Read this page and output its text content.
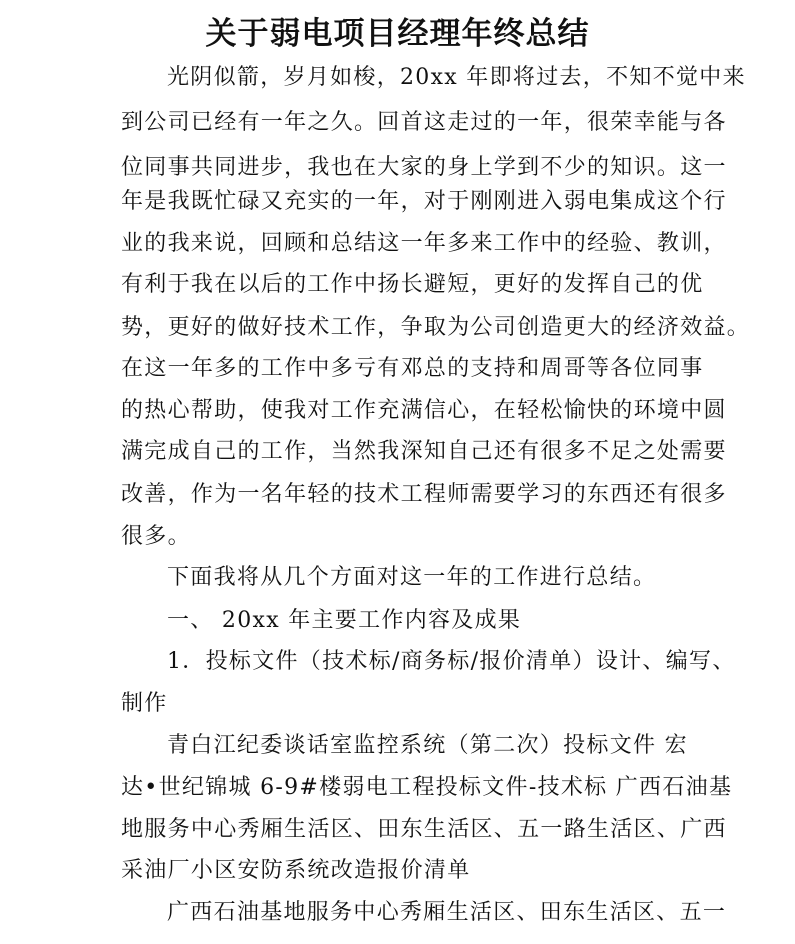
关于弱电项目经理年终总结
光阴似箭，岁月如梭，20xx 年即将过去，不知不觉中来
到公司已经有一年之久。回首这走过的一年，很荣幸能与各
位同事共同进步，我也在大家的身上学到不少的知识。这一
年是我既忙碌又充实的一年，对于刚刚进入弱电集成这个行
业的我来说，回顾和总结这一年多来工作中的经验、教训，
有利于我在以后的工作中扬长避短，更好的发挥自己的优
势，更好的做好技术工作，争取为公司创造更大的经济效益。
在这一年多的工作中多亏有邓总的支持和周哥等各位同事
的热心帮助，使我对工作充满信心，在轻松愉快的环境中圆
满完成自己的工作，当然我深知自己还有很多不足之处需要
改善，作为一名年轻的技术工程师需要学习的东西还有很多
很多。
下面我将从几个方面对这一年的工作进行总结。
一、 20xx 年主要工作内容及成果
1．投标文件（技术标/商务标/报价清单）设计、编写、
制作
青白江纪委谈话室监控系统（第二次）投标文件 宏
达•世纪锦城 6-9#楼弱电工程投标文件-技术标 广西石油基
地服务中心秀厢生活区、田东生活区、五一路生活区、广西
采油厂小区安防系统改造报价清单
广西石油基地服务中心秀厢生活区、田东生活区、五一
